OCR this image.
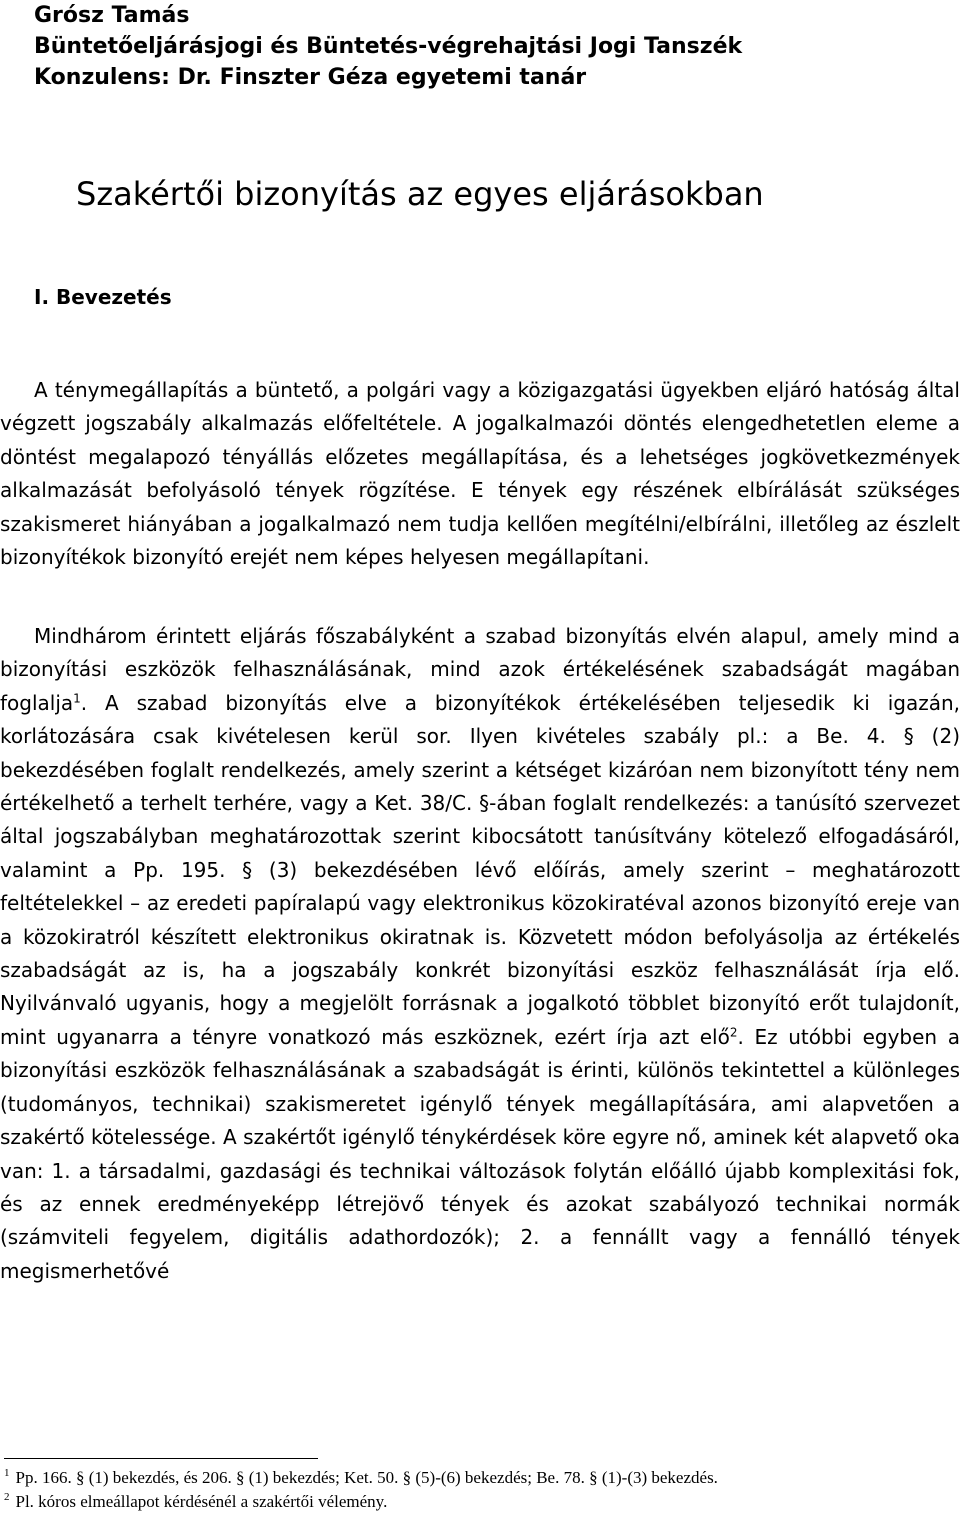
Grósz Tamás
Büntetőeljárásjogi és Büntetés-végrehajtási Jogi Tanszék
Konzulens: Dr. Finszter Géza egyetemi tanár
Szakértői bizonyítás az egyes eljárásokban
I. Bevezetés
A ténymegállapítás a büntető, a polgári vagy a közigazgatási ügyekben eljáró hatóság által végzett jogszabály alkalmazás előfeltétele. A jogalkalmazói döntés elengedhetetlen eleme a döntést megalapozó tényállás előzetes megállapítása, és a lehetséges jogkövetkezmények alkalmazását befolyásoló tények rögzítése. E tények egy részének elbírálását szükséges szakismeret hiányában a jogalkalmazó nem tudja kellően megítélni/elbírálni, illetőleg az észlelt bizonyítékok bizonyító erejét nem képes helyesen megállapítani.
Mindhárom érintett eljárás főszabályként a szabad bizonyítás elvén alapul, amely mind a bizonyítási eszközök felhasználásának, mind azok értékelésének szabadságát magában foglalja$^1$. A szabad bizonyítás elve a bizonyítékok értékelésében teljesedik ki igazán, korlátozására csak kivételesen kerül sor. Ilyen kivételes szabály pl.: a Be. 4. § (2) bekezdésében foglalt rendelkezés, amely szerint a kétséget kizáróan nem bizonyított tény nem értékelhető a terhelt terhére, vagy a Ket. 38/C. §-ában foglalt rendelkezés: a tanúsító szervezet által jogszabályban meghatározottak szerint kibocsátott tanúsítvány kötelező elfogadásáról, valamint a Pp. 195. § (3) bekezdésében lévő előírás, amely szerint – meghatározott feltételekkel – az eredeti papíralapú vagy elektronikus közokiratéval azonos bizonyító ereje van a közokiratról készített elektronikus okiratnak is. Közvetett módon befolyásolja az értékelés szabadságát az is, ha a jogszabály konkrét bizonyítási eszköz felhasználását írja elő. Nyilvánvaló ugyanis, hogy a megjelölt forrásnak a jogalkotó többlet bizonyító erőt tulajdonít, mint ugyanarra a tényre vonatkozó más eszköznek, ezért írja azt elő$^2$. Ez utóbbi egyben a bizonyítási eszközök felhasználásának a szabadságát is érinti, különös tekintettel a különleges (tudományos, technikai) szakismeretet igénylő tények megállapítására, ami alapvetően a szakértő kötelessége. A szakértőt igénylő ténykérdések köre egyre nő, aminek két alapvető oka van: 1. a társadalmi, gazdasági és technikai változások folytán előálló újabb komplexitási fok, és az ennek eredményeképp létrejövő tények és azokat szabályozó technikai normák (számviteli fegyelem, digitális adathordozók); 2. a fennállt vagy a fennálló tények megismerhetővé
$^1$ Pp. 166. § (1) bekezdés, és 206. § (1) bekezdés; Ket. 50. § (5)-(6) bekezdés; Be. 78. § (1)-(3) bekezdés.
$^2$ Pl. kóros elmeállapot kérdésénél a szakértői vélemény.
